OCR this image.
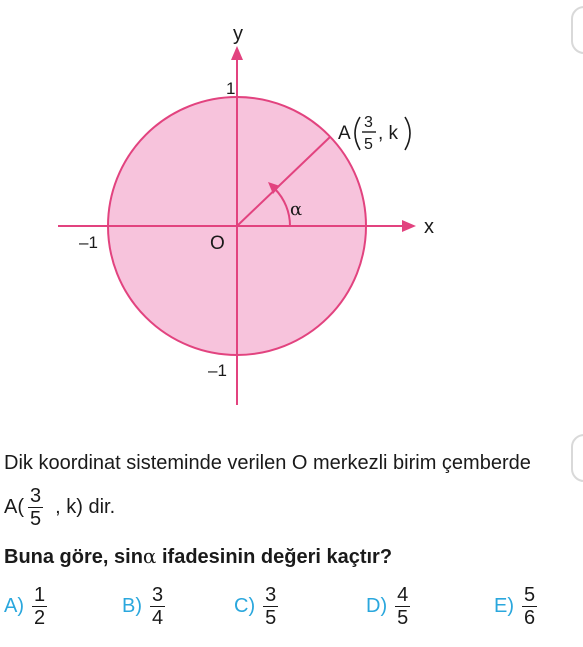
y
x
1
–1
–1	O
α
A
3
5
, k
Dik koordinat sisteminde verilen O merkezli birim çemberde
$A( \frac{3}{5}$ , k) dir.
Buna göre, sinα ifadesinin değeri kaçtır?
$A) \frac{1}{2}$	$B) \frac{3}{4}$	$C) \frac{3}{5}$	$D) \frac{4}{5}$	$E) \frac{5}{6}$
